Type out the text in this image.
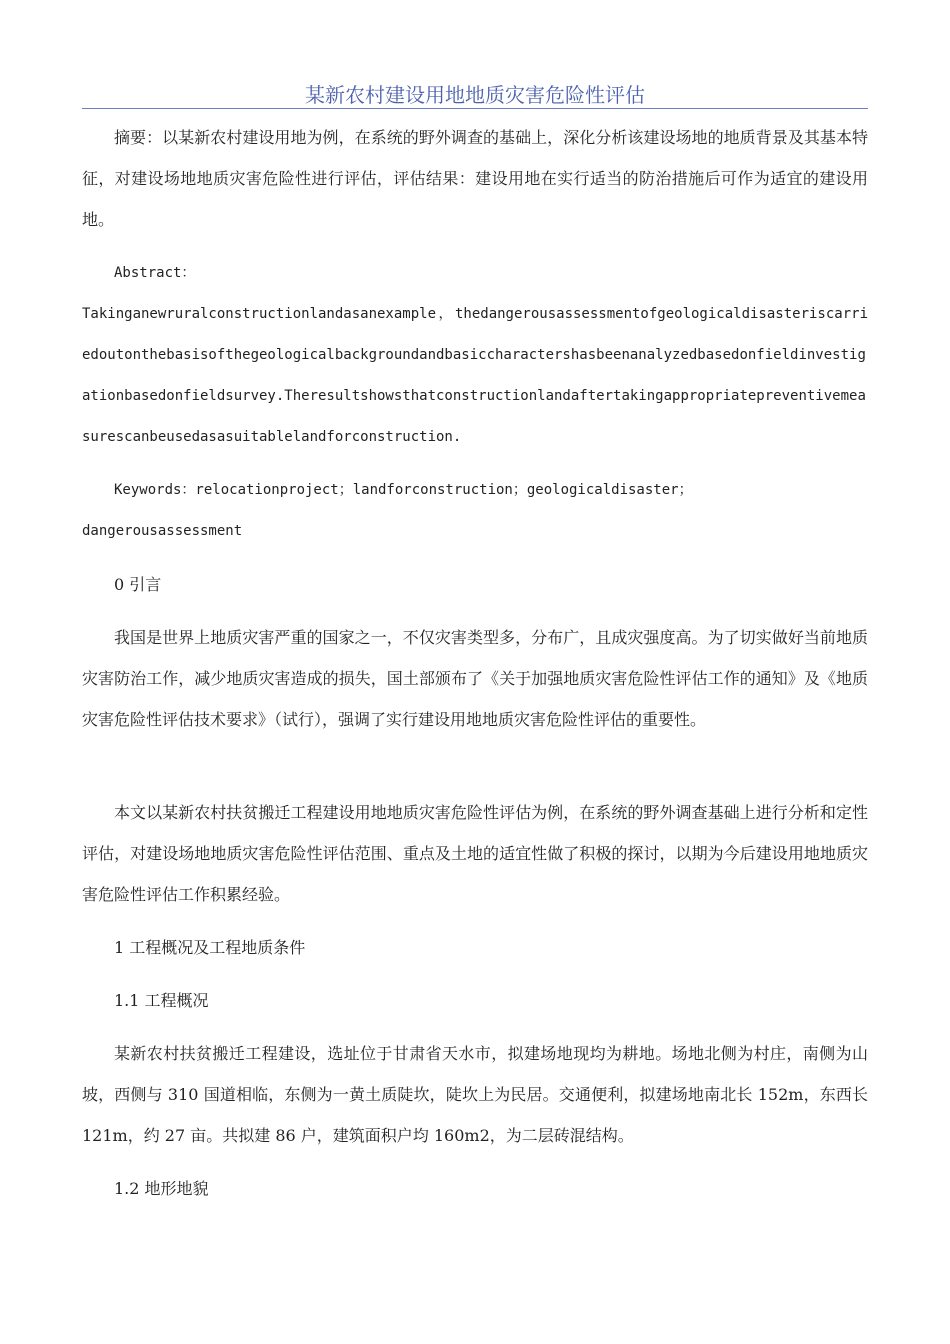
某新农村建设用地地质灾害危险性评估

摘要：以某新农村建设用地为例，在系统的野外调查的基础上，深化分析该建设场地的地质背景及其基本特征，对建设场地地质灾害危险性进行评估，评估结果：建设用地在实行适当的防治措施后可作为适宜的建设用地。

Abstract：

Takinganewruralconstructionlandasanexample，thedangerousassessmentofgeologicaldisasteriscarriedoutonthebasisofthegeologicalbackgroundandbasiccharactershasbeenanalyzedbasedonfieldinvestigationbasedonfieldsurvey.Theresultshowsthatconstructionlandaftertakingappropriatepreventivemeasurescanbeusedasasuitablelandforconstruction.

Keywords：relocationproject；landforconstruction；geologicaldisaster；

dangerousassessment

0 引言

我国是世界上地质灾害严重的国家之一，不仅灾害类型多，分布广，且成灾强度高。为了切实做好当前地质灾害防治工作，减少地质灾害造成的损失，国土部颁布了《关于加强地质灾害危险性评估工作的通知》及《地质灾害危险性评估技术要求》（试行），强调了实行建设用地地质灾害危险性评估的重要性。

本文以某新农村扶贫搬迁工程建设用地地质灾害危险性评估为例，在系统的野外调查基础上进行分析和定性评估，对建设场地地质灾害危险性评估范围、重点及土地的适宜性做了积极的探讨，以期为今后建设用地地质灾害危险性评估工作积累经验。

1 工程概况及工程地质条件

1.1 工程概况

某新农村扶贫搬迁工程建设，选址位于甘肃省天水市，拟建场地现均为耕地。场地北侧为村庄，南侧为山坡，西侧与 310 国道相临，东侧为一黄土质陡坎，陡坎上为民居。交通便利，拟建场地南北长 152m，东西长 121m，约 27 亩。共拟建 86 户，建筑面积户均 160m2，为二层砖混结构。

1.2 地形地貌
